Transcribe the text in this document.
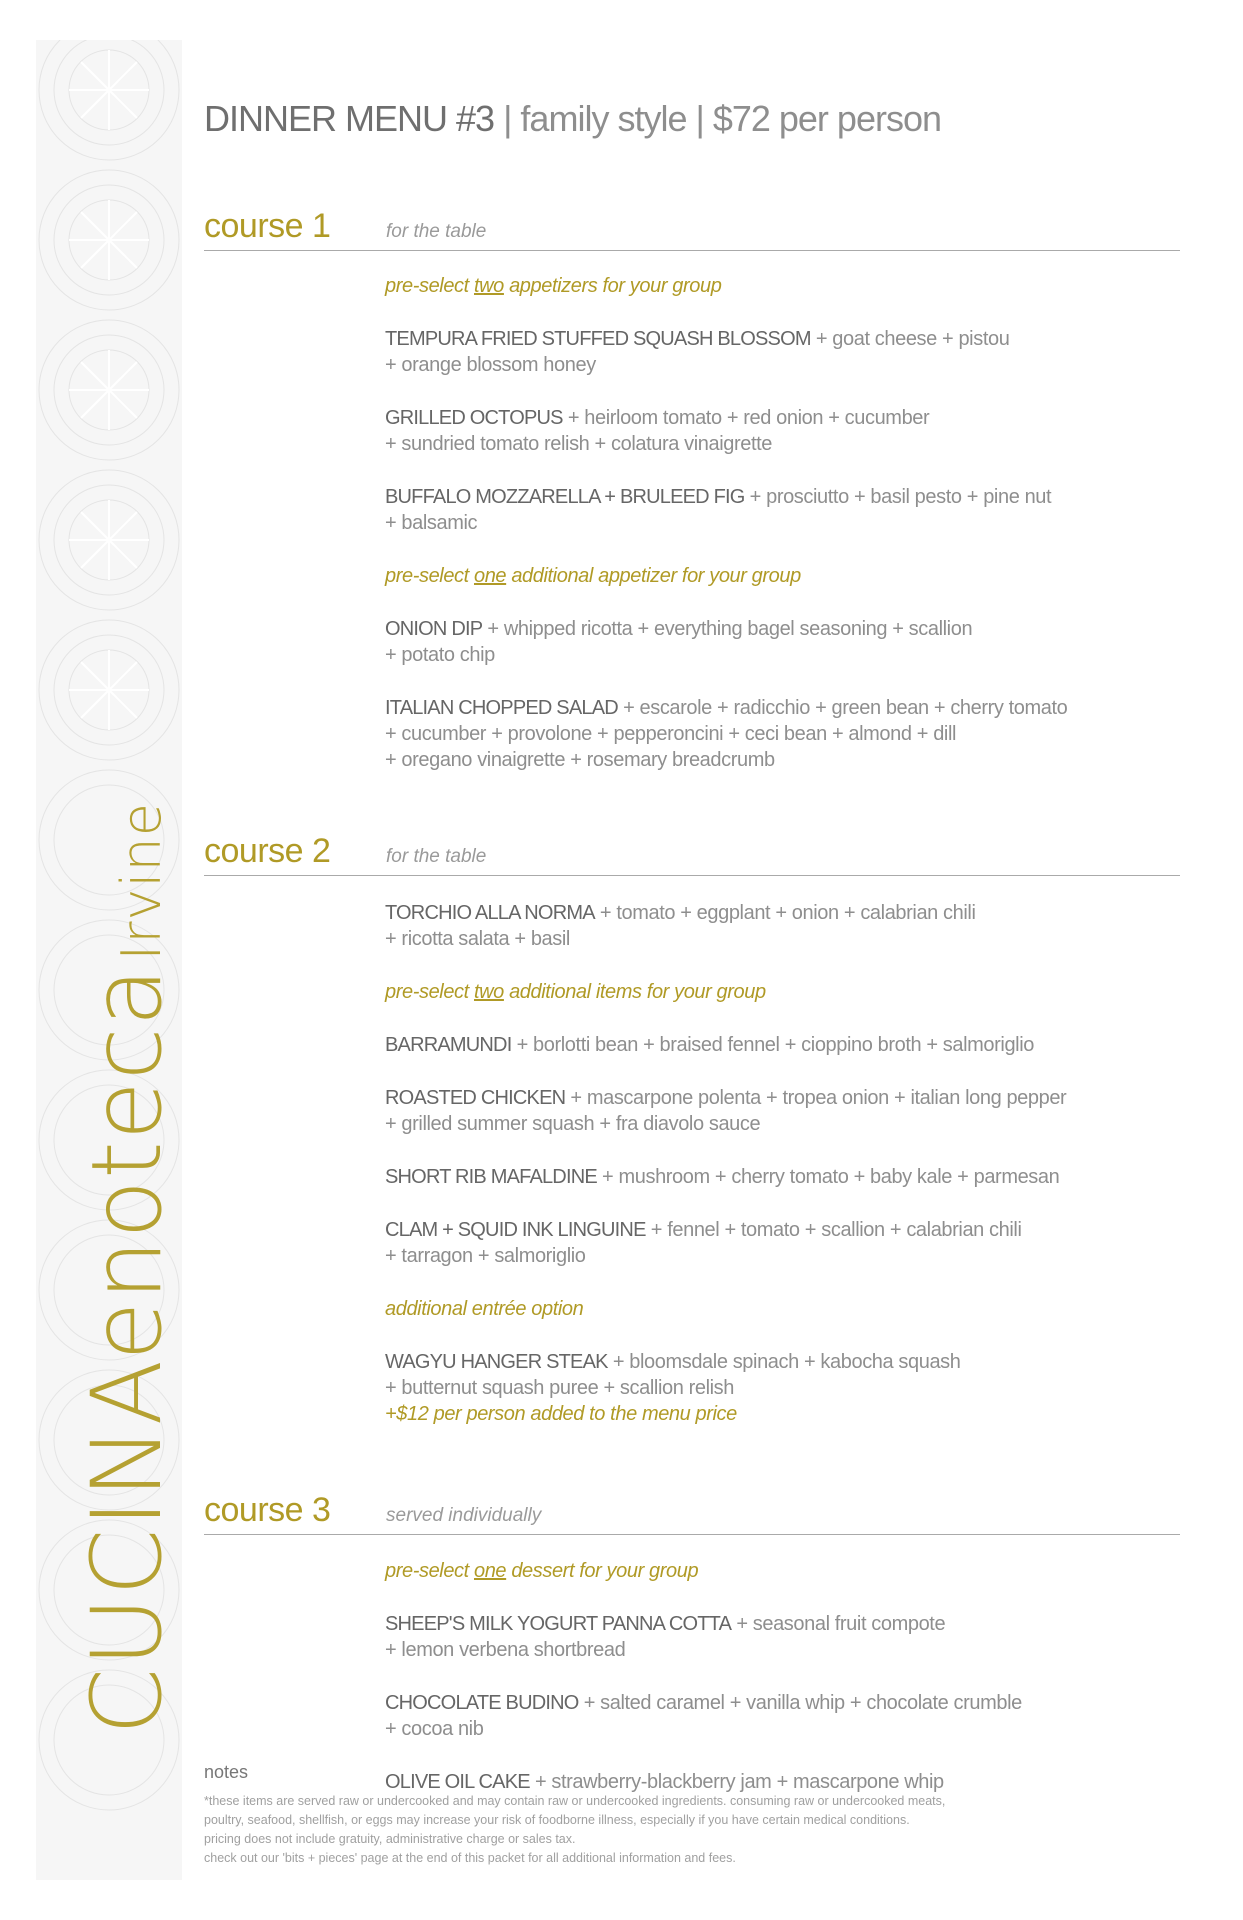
CUCINAenotecaIrvine
DINNER MENU #3 | family style | $72 per person
course 1	for the table
pre-select two appetizers for your group
TEMPURA FRIED STUFFED SQUASH BLOSSOM + goat cheese + pistou
+ orange blossom honey
GRILLED OCTOPUS + heirloom tomato + red onion + cucumber
+ sundried tomato relish + colatura vinaigrette
BUFFALO MOZZARELLA + BRULEED FIG + prosciutto + basil pesto + pine nut
+ balsamic
pre-select one additional appetizer for your group
ONION DIP + whipped ricotta + everything bagel seasoning + scallion
+ potato chip
ITALIAN CHOPPED SALAD + escarole + radicchio + green bean + cherry tomato
+ cucumber + provolone + pepperoncini + ceci bean + almond + dill
+ oregano vinaigrette + rosemary breadcrumb
course 2	for the table
TORCHIO ALLA NORMA + tomato + eggplant + onion + calabrian chili
+ ricotta salata + basil
pre-select two additional items for your group
BARRAMUNDI + borlotti bean + braised fennel + cioppino broth + salmoriglio
ROASTED CHICKEN + mascarpone polenta + tropea onion + italian long pepper
+ grilled summer squash + fra diavolo sauce
SHORT RIB MAFALDINE + mushroom + cherry tomato + baby kale + parmesan
CLAM + SQUID INK LINGUINE + fennel + tomato + scallion + calabrian chili
+ tarragon + salmoriglio
additional entrée option
WAGYU HANGER STEAK + bloomsdale spinach + kabocha squash
+ butternut squash puree + scallion relish
+$12 per person added to the menu price
course 3	served individually
pre-select one dessert for your group
SHEEP'S MILK YOGURT PANNA COTTA + seasonal fruit compote
+ lemon verbena shortbread
CHOCOLATE BUDINO + salted caramel + vanilla whip + chocolate crumble
+ cocoa nib
OLIVE OIL CAKE + strawberry-blackberry jam + mascarpone whip
notes
*these items are served raw or undercooked and may contain raw or undercooked ingredients. consuming raw or undercooked meats,
poultry, seafood, shellfish, or eggs may increase your risk of foodborne illness, especially if you have certain medical conditions.
pricing does not include gratuity, administrative charge or sales tax.
check out our 'bits + pieces' page at the end of this packet for all additional information and fees.
